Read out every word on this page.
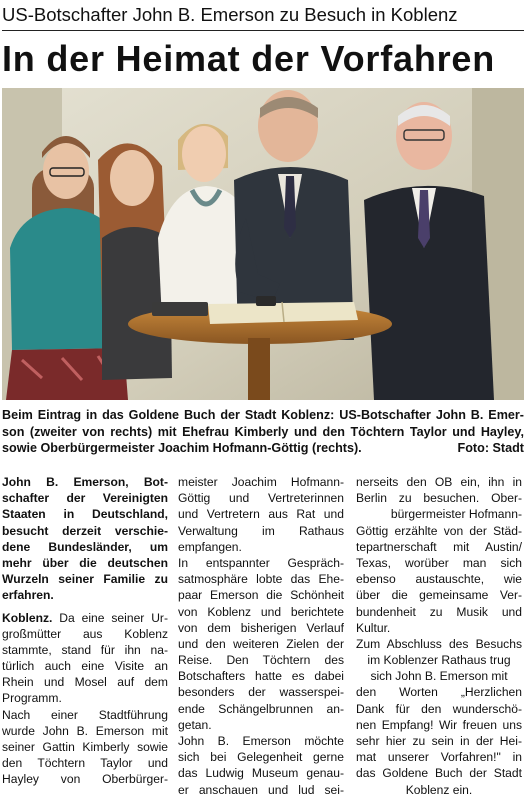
US-Botschafter John B. Emerson zu Besuch in Koblenz
In der Heimat der Vorfahren
Beim Eintrag in das Goldene Buch der Stadt Koblenz: US-Botschafter John B. Emer-
son (zweiter von rechts) mit Ehefrau Kimberly und den Töchtern Taylor und Hayley,
sowie Oberbürgermeister Joachim Hofmann-Göttig (rechts).	Foto: Stadt
John B. Emerson, Bot-
schafter der Vereinigten
Staaten in Deutschland,
besucht derzeit verschie-
dene Bundesländer, um
mehr über die deutschen
Wurzeln seiner Familie zu
erfahren.
Koblenz. Da eine seiner Ur-
großmütter aus Koblenz
stammte, stand für ihn na-
türlich auch eine Visite an
Rhein und Mosel auf dem
Programm.
Nach einer Stadtführung
wurde John B. Emerson mit
seiner Gattin Kimberly sowie
den Töchtern Taylor und
Hayley von Oberbürger-
meister Joachim Hofmann-
Göttig und Vertreterinnen
und Vertretern aus Rat und
Verwaltung im Rathaus
empfangen.
In entspannter Gespräch-
satmosphäre lobte das Ehe-
paar Emerson die Schönheit
von Koblenz und berichtete
von dem bisherigen Verlauf
und den weiteren Zielen der
Reise. Den Töchtern des
Botschafters hatte es dabei
besonders der wasserspei-
ende Schängelbrunnen an-
getan.
John B. Emerson möchte
sich bei Gelegenheit gerne
das Ludwig Museum genau-
er anschauen und lud sei-
nerseits den OB ein, ihn in
Berlin zu besuchen. Ober-
bürgermeister Hofmann-
Göttig erzählte von der Städ-
tepartnerschaft mit Austin/
Texas, worüber man sich
ebenso austauschte, wie
über die gemeinsame Ver-
bundenheit zu Musik und
Kultur.
Zum Abschluss des Besuchs
im Koblenzer Rathaus trug
sich John B. Emerson mit
den Worten „Herzlichen
Dank für den wunderschö-
nen Empfang! Wir freuen uns
sehr hier zu sein in der Hei-
mat unserer Vorfahren!" in
das Goldene Buch der Stadt
Koblenz ein.
